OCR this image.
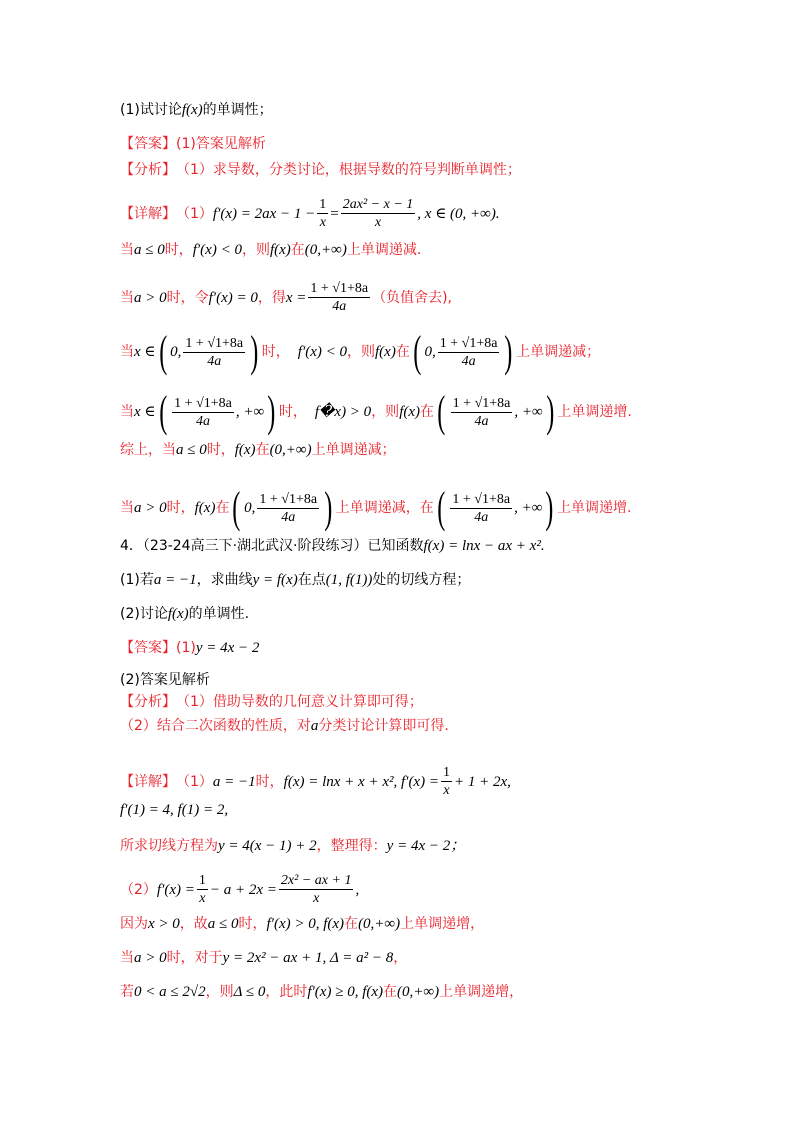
(1)试讨论 f(x) 的单调性；
【答案】 (1)答案见解析
【分析】 （1）求导数，分类讨论，根据导数的符号判断单调性；
【详解】 （1） $f'(x) = 2ax - 1 - \frac{1}{x} = \frac{\text{2ax² − x − 1}}{x}$ , x ∈ (0, +∞).
当 a ≤ 0 时， f′(x) < 0 ，则 f(x) 在 (0,+∞) 上单调递减.
当 a > 0 时，令 f′(x) = 0 ，得 $x = \frac{1 + √1+8a}{4a}$ （负值舍去),
当 x ∈ ( 0, $\frac{1 + √1+8a}{4a}$ ) 时， f′(x) < 0 ，则 f(x) 在 ( 0, $\frac{1 + √1+8a}{4a}$ ) 上单调递减；
当 x ∈ ( $\frac{1 + √1+8a}{4a}$ , +∞ ) 时， f�x) > 0 ，则 f(x) 在 ( $\frac{1 + √1+8a}{4a}$ , +∞ ) 上单调递增.
综上，当 a ≤ 0 时， f(x) 在 (0,+∞) 上单调递减；
当 a > 0 时， f(x) 在 ( 0, $\frac{1 + √1+8a}{4a}$ ) 上单调递减，在 ( $\frac{1 + √1+8a}{4a}$ , +∞ ) 上单调递增.
4．（23-24高三下·湖北武汉·阶段练习）已知函数 f(x) = lnx − ax + x².
(1)若 a = −1 ，求曲线 y = f(x) 在点 (1, f(1)) 处的切线方程；
(2)讨论 f(x) 的单调性.
【答案】 (1) y = 4x − 2
(2)答案见解析
【分析】 （1）借助导数的几何意义计算即可得；
（2）结合二次函数的性质，对 a 分类讨论计算即可得.
【详解】 （1） a = −1 时， f(x) = lnx + x + x², $f'(x) = \frac{1}{x} + 1 + 2x$,
f′(1) = 4, f(1) = 2,
所求切线方程为 y = 4(x − 1) + 2 ，整理得： y = 4x − 2；
（2） $f'(x) = \frac{1}{x} - a + 2x = \frac{\text{2x² − ax + 1}}{x}$ ,
因为 x > 0 ，故 a ≤ 0 时， f′(x) > 0, f(x) 在 (0,+∞) 上单调递增，
当 a > 0 时，对于 y = 2x² − ax + 1, Δ = a² − 8 ，
若 0 < a ≤ 2√2 ，则 Δ ≤ 0 ，此时 f′(x) ≥ 0, f(x) 在 (0,+∞) 上单调递增，
